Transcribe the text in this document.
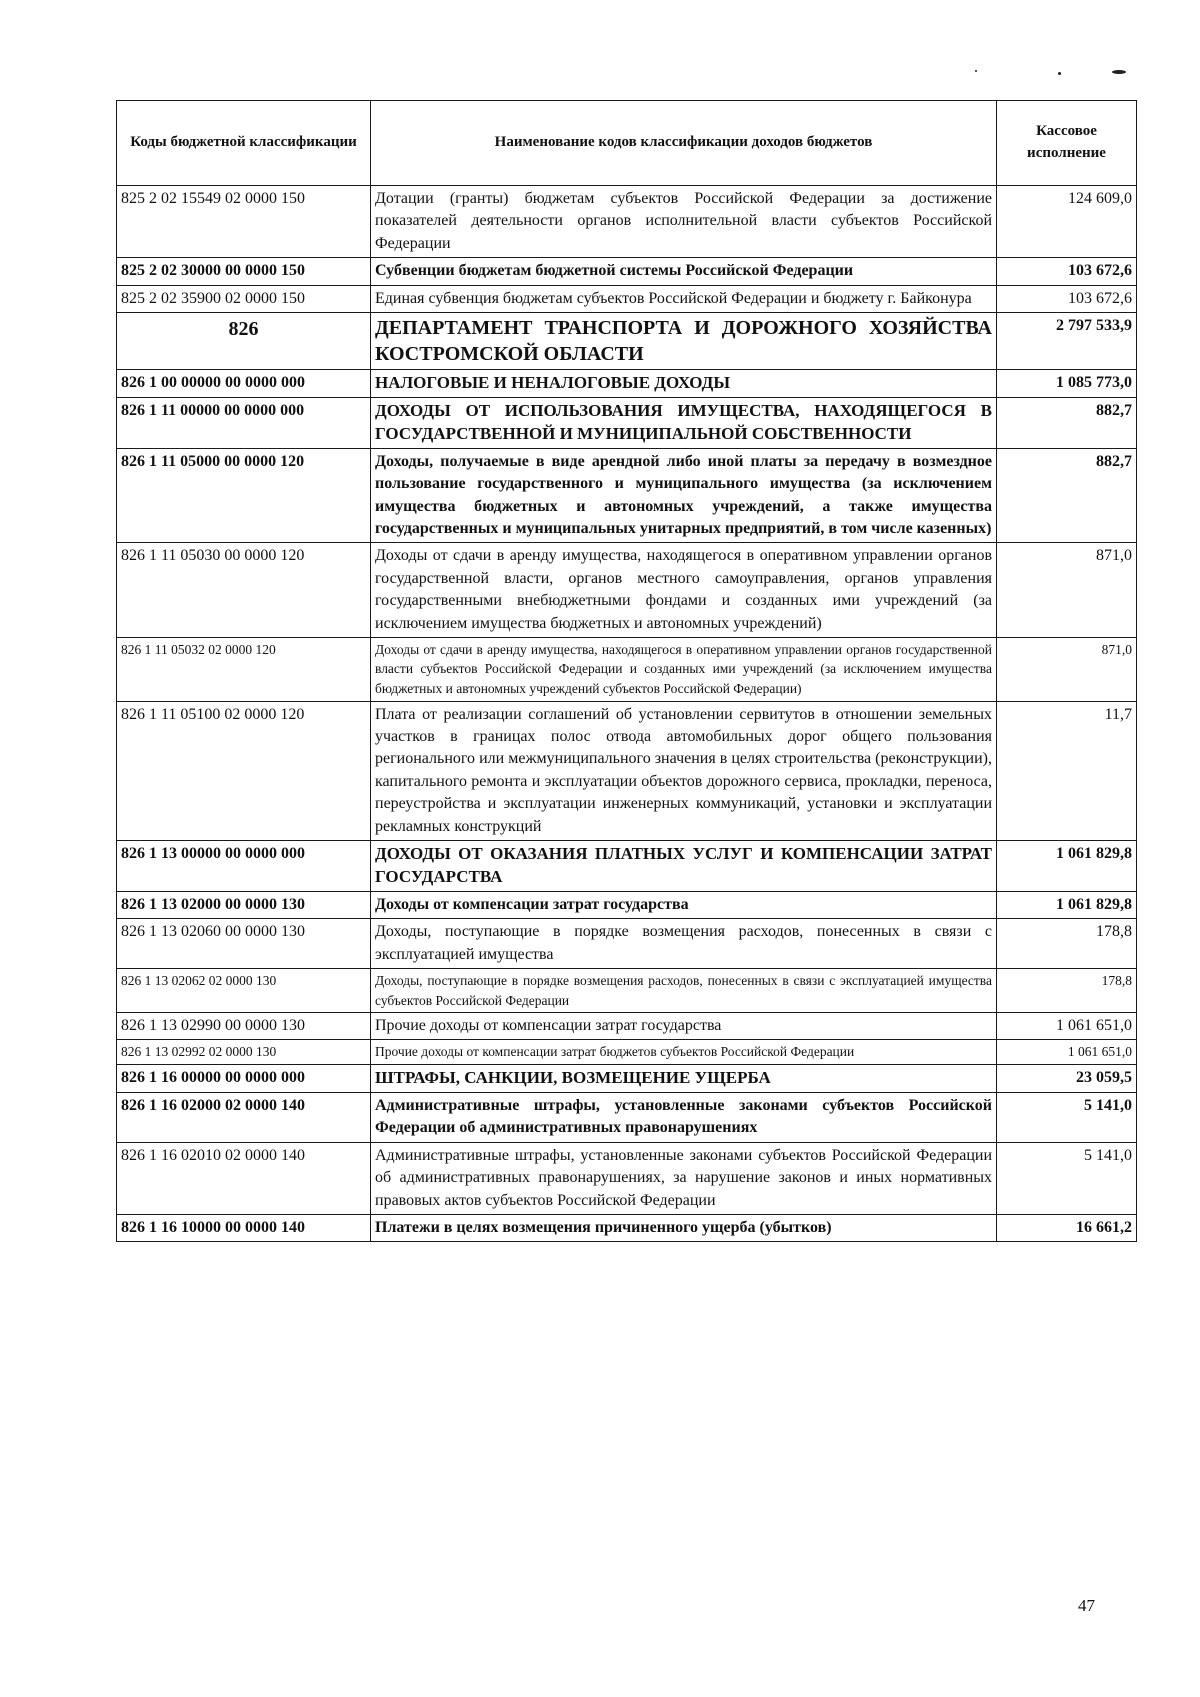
Коды бюджетной классификации	Наименование кодов классификации доходов бюджетов	Кассовое исполнение
825 2 02 15549 02 0000 150	Дотации (гранты) бюджетам субъектов Российской Федерации за достижение показателей деятельности органов исполнительной власти субъектов Российской Федерации	124 609,0
825 2 02 30000 00 0000 150	Субвенции бюджетам бюджетной системы Российской Федерации	103 672,6
825 2 02 35900 02 0000 150	Единая субвенция бюджетам субъектов Российской Федерации и бюджету г. Байконура	103 672,6
826	ДЕПАРТАМЕНТ ТРАНСПОРТА И ДОРОЖНОГО ХОЗЯЙСТВА КОСТРОМСКОЙ ОБЛАСТИ	2 797 533,9
826 1 00 00000 00 0000 000	НАЛОГОВЫЕ И НЕНАЛОГОВЫЕ ДОХОДЫ	1 085 773,0
826 1 11 00000 00 0000 000	ДОХОДЫ ОТ ИСПОЛЬЗОВАНИЯ ИМУЩЕСТВА, НАХОДЯЩЕГОСЯ В ГОСУДАРСТВЕННОЙ И МУНИЦИПАЛЬНОЙ СОБСТВЕННОСТИ	882,7
826 1 11 05000 00 0000 120	Доходы, получаемые в виде арендной либо иной платы за передачу в возмездное пользование государственного и муниципального имущества (за исключением имущества бюджетных и автономных учреждений, а также имущества государственных и муниципальных унитарных предприятий, в том числе казенных)	882,7
826 1 11 05030 00 0000 120	Доходы от сдачи в аренду имущества, находящегося в оперативном управлении органов государственной власти, органов местного самоуправления, органов управления государственными внебюджетными фондами и созданных ими учреждений (за исключением имущества бюджетных и автономных учреждений)	871,0
826 1 11 05032 02 0000 120	Доходы от сдачи в аренду имущества, находящегося в оперативном управлении органов государственной власти субъектов Российской Федерации и созданных ими учреждений (за исключением имущества бюджетных и автономных учреждений субъектов Российской Федерации)	871,0
826 1 11 05100 02 0000 120	Плата от реализации соглашений об установлении сервитутов в отношении земельных участков в границах полос отвода автомобильных дорог общего пользования регионального или межмуниципального значения в целях строительства (реконструкции), капитального ремонта и эксплуатации объектов дорожного сервиса, прокладки, переноса, переустройства и эксплуатации инженерных коммуникаций, установки и эксплуатации рекламных конструкций	11,7
826 1 13 00000 00 0000 000	ДОХОДЫ ОТ ОКАЗАНИЯ ПЛАТНЫХ УСЛУГ И КОМПЕНСАЦИИ ЗАТРАТ ГОСУДАРСТВА	1 061 829,8
826 1 13 02000 00 0000 130	Доходы от компенсации затрат государства	1 061 829,8
826 1 13 02060 00 0000 130	Доходы, поступающие в порядке возмещения расходов, понесенных в связи с эксплуатацией имущества	178,8
826 1 13 02062 02 0000 130	Доходы, поступающие в порядке возмещения расходов, понесенных в связи с эксплуатацией имущества субъектов Российской Федерации	178,8
826 1 13 02990 00 0000 130	Прочие доходы от компенсации затрат государства	1 061 651,0
826 1 13 02992 02 0000 130	Прочие доходы от компенсации затрат бюджетов субъектов Российской Федерации	1 061 651,0
826 1 16 00000 00 0000 000	ШТРАФЫ, САНКЦИИ, ВОЗМЕЩЕНИЕ УЩЕРБА	23 059,5
826 1 16 02000 02 0000 140	Административные штрафы, установленные законами субъектов Российской Федерации об административных правонарушениях	5 141,0
826 1 16 02010 02 0000 140	Административные штрафы, установленные законами субъектов Российской Федерации об административных правонарушениях, за нарушение законов и иных нормативных правовых актов субъектов Российской Федерации	5 141,0
826 1 16 10000 00 0000 140	Платежи в целях возмещения причиненного ущерба (убытков)	16 661,2
47
